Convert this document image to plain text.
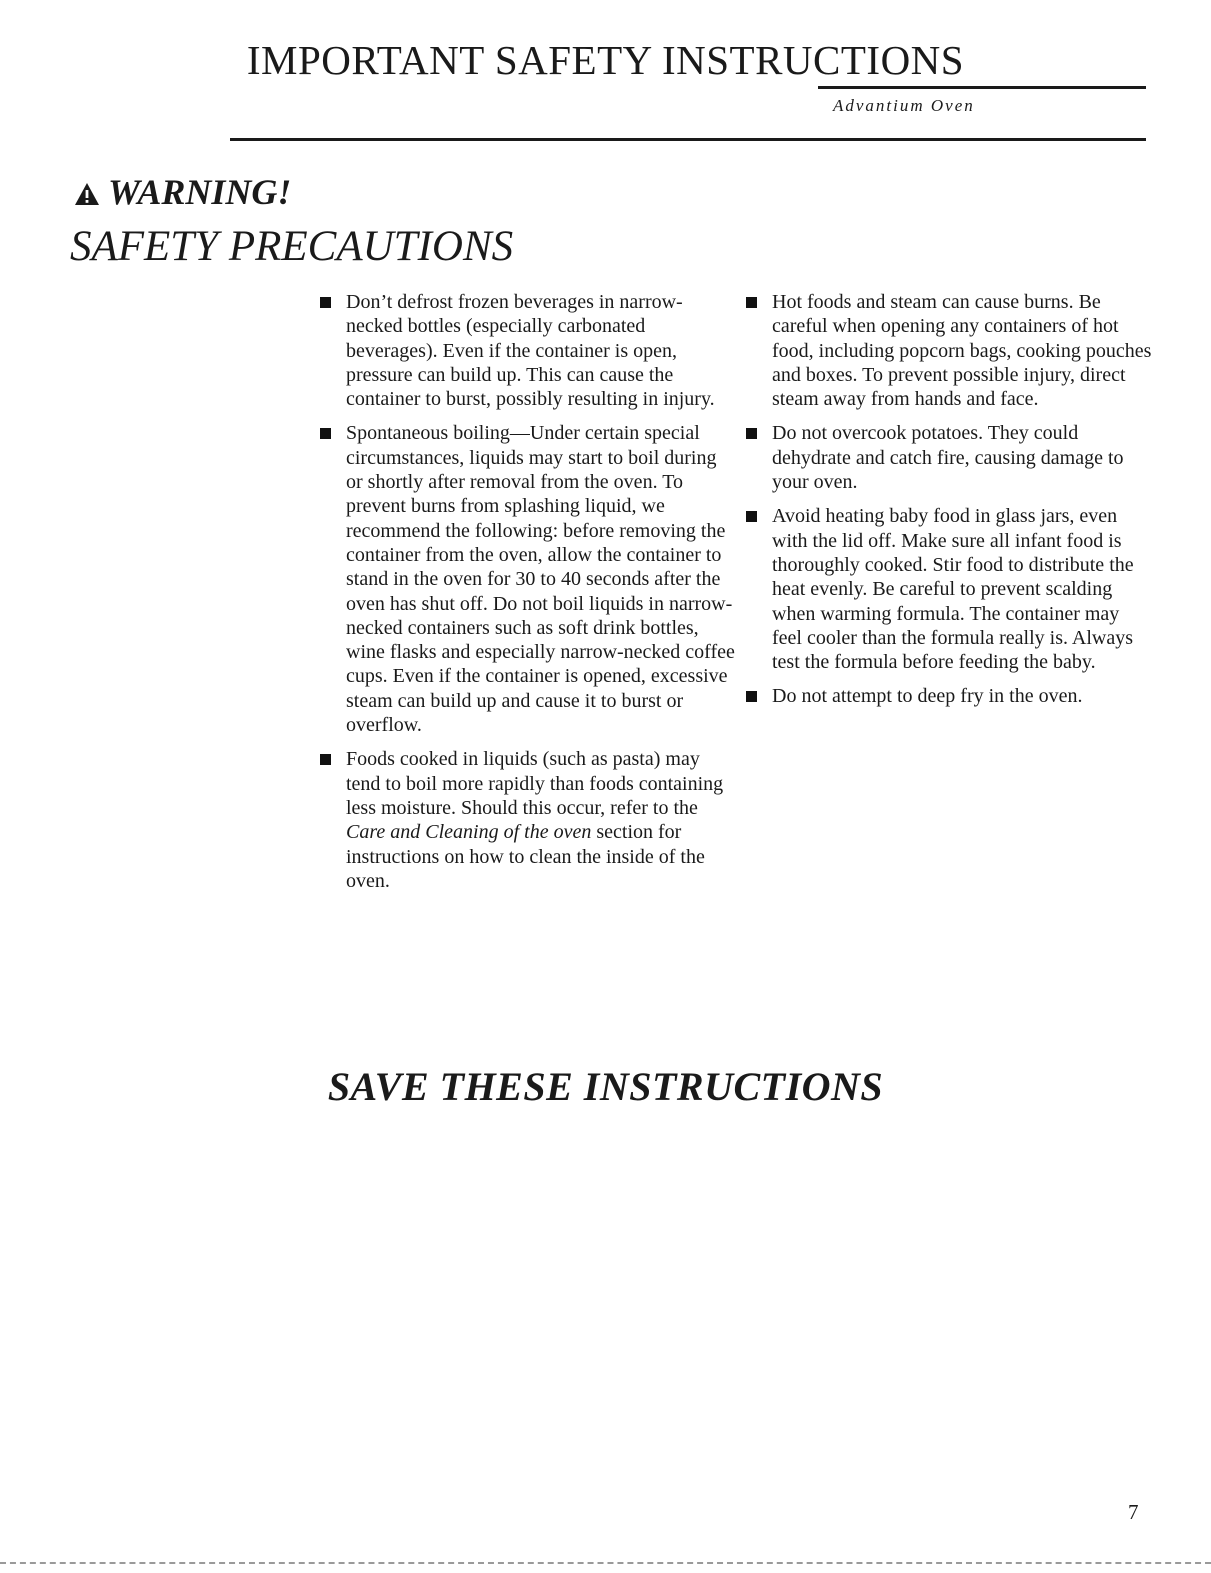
IMPORTANT SAFETY INSTRUCTIONS
Advantium Oven
WARNING!
SAFETY PRECAUTIONS
Don’t defrost frozen beverages in narrow-necked bottles (especially carbonated beverages). Even if the container is open, pressure can build up. This can cause the container to burst, possibly resulting in injury.
Spontaneous boiling—Under certain special circumstances, liquids may start to boil during or shortly after removal from the oven. To prevent burns from splashing liquid, we recommend the following: before removing the container from the oven, allow the container to stand in the oven for 30 to 40 seconds after the oven has shut off. Do not boil liquids in narrow-necked containers such as soft drink bottles, wine flasks and especially narrow-necked coffee cups. Even if the container is opened, excessive steam can build up and cause it to burst or overflow.
Foods cooked in liquids (such as pasta) may tend to boil more rapidly than foods containing less moisture. Should this occur, refer to the Care and Cleaning of the oven section for instructions on how to clean the inside of the oven.
Hot foods and steam can cause burns. Be careful when opening any containers of hot food, including popcorn bags, cooking pouches and boxes. To prevent possible injury, direct steam away from hands and face.
Do not overcook potatoes. They could dehydrate and catch fire, causing damage to your oven.
Avoid heating baby food in glass jars, even with the lid off. Make sure all infant food is thoroughly cooked. Stir food to distribute the heat evenly. Be careful to prevent scalding when warming formula. The container may feel cooler than the formula really is. Always test the formula before feeding the baby.
Do not attempt to deep fry in the oven.
SAVE THESE INSTRUCTIONS
7
